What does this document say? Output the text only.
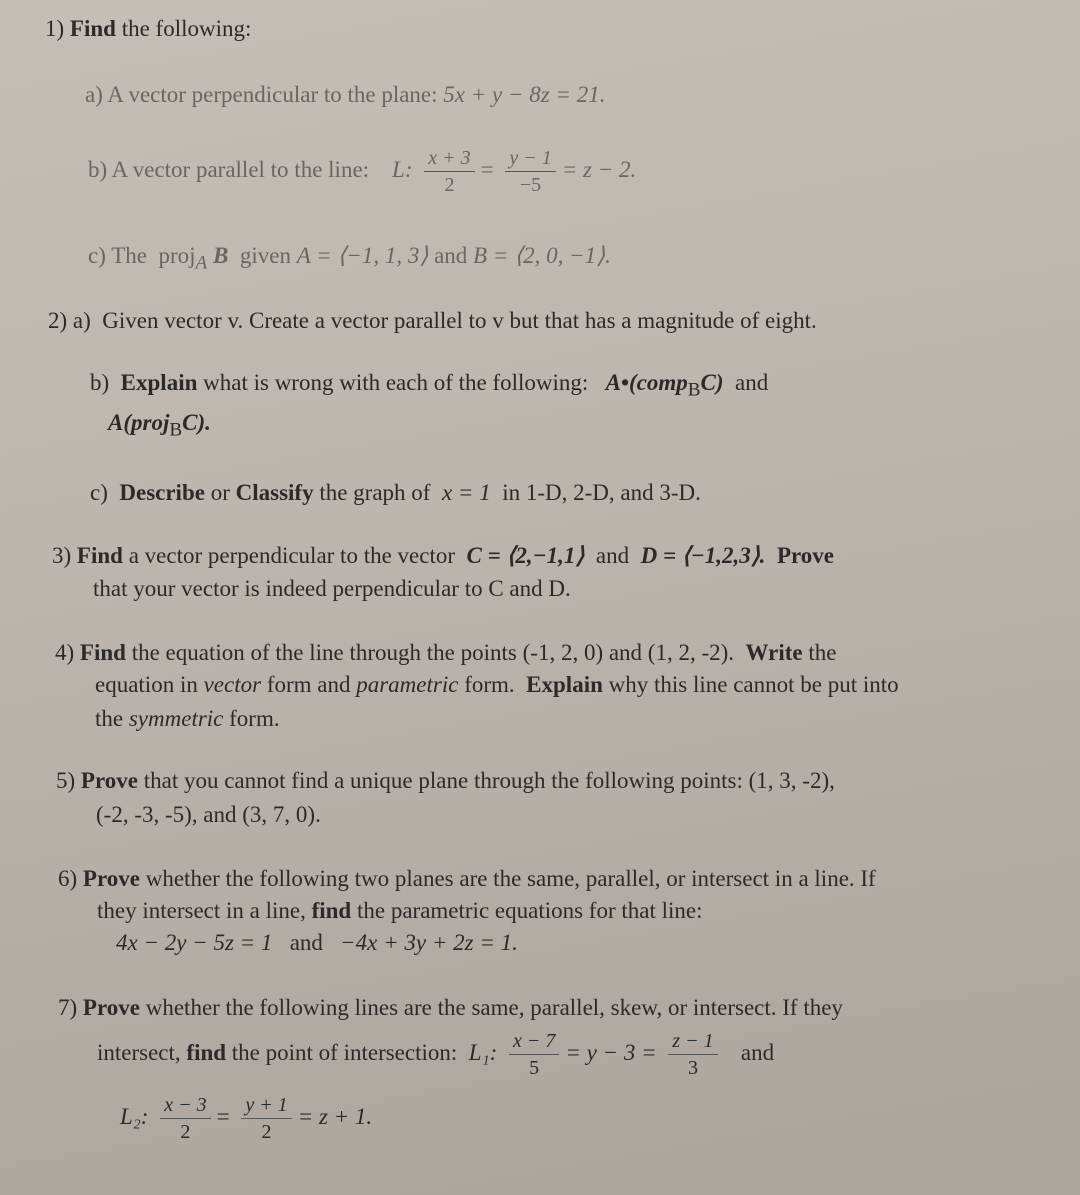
1) Find the following:
a) A vector perpendicular to the plane: 5x + y − 8z = 21.
b) A vector parallel to the line: L: $\frac{x + 3}{2} = \frac{y - 1}{-5} = z - 2$.
c) The proj$_A$ B given A = ⟨−1, 1, 3⟩ and B = ⟨2, 0, −1⟩.
2) a) Given vector v. Create a vector parallel to v but that has a magnitude of eight.
b) Explain what is wrong with each of the following: A•(comp$_B$C) and
A(proj$_B$C).
c) Describe or Classify the graph of x = 1 in 1-D, 2-D, and 3-D.
3) Find a vector perpendicular to the vector C = ⟨2,−1,1⟩ and D = ⟨−1,2,3⟩. Prove
that your vector is indeed perpendicular to C and D.
4) Find the equation of the line through the points (-1, 2, 0) and (1, 2, -2). Write the
equation in vector form and parametric form. Explain why this line cannot be put into
the symmetric form.
5) Prove that you cannot find a unique plane through the following points: (1, 3, -2),
(-2, -3, -5), and (3, 7, 0).
6) Prove whether the following two planes are the same, parallel, or intersect in a line. If
they intersect in a line, find the parametric equations for that line:
4x − 2y − 5z = 1 and −4x + 3y + 2z = 1.
7) Prove whether the following lines are the same, parallel, skew, or intersect. If they
intersect, find the point of intersection: L₁: $\frac{x - 7}{5} = y - 3 = \frac{z - 1}{3}$ and
L₂: $\frac{x - 3}{2} = \frac{y + 1}{2} = z + 1$.
